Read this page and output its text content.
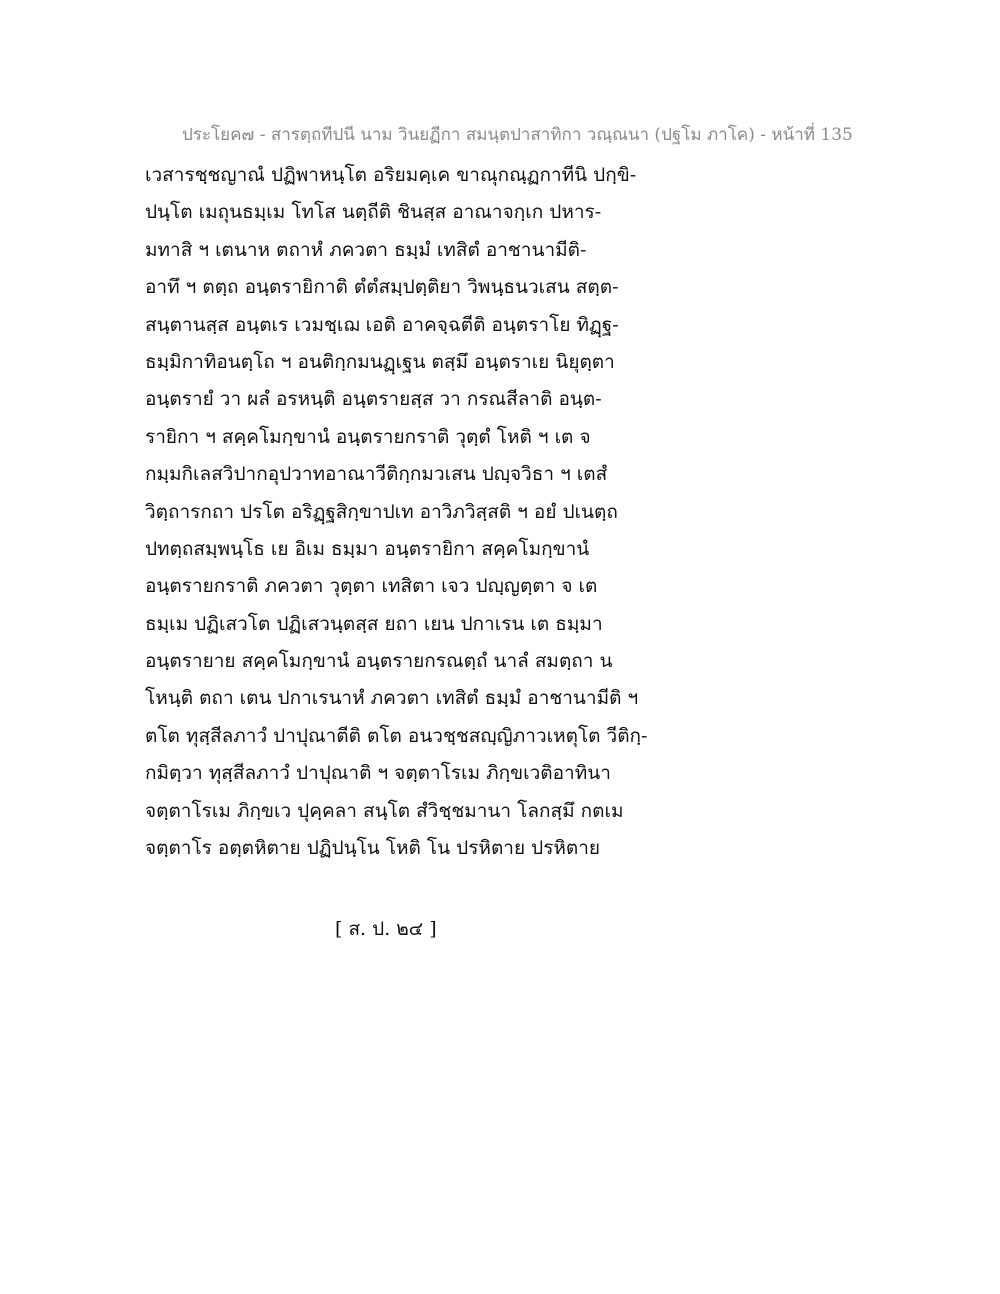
ประโยค๗ - สารตฺถทีปนี นาม วินยฏีกา สมนฺตปาสาทิกา วณฺณนา (ปฐโม ภาโค) - หน้าที่ 135
เวสารชฺชญาณํ ปฏิพาหนฺโต อริยมคฺเค ขาณุกณฺฏกาทีนิ ปกฺขิ-
ปนฺโต เมถุนธมฺเม โทโส นตฺถีติ ชินสฺส อาณาจกฺเก ปหาร-
มทาสิ ฯ เตนาห ตถาหํ ภควตา ธมฺมํ เทสิตํ อาชานามีติ-
อาทึ ฯ ตตฺถ อนฺตรายิกาติ ตํตํสมฺปตฺติยา วิพนฺธนวเสน สตฺต-
สนฺตานสฺส อนฺตเร เวมชฺเฌ เอติ อาคจฺฉตีติ อนฺตราโย ทิฏฺฐ-
ธมฺมิกาทิอนตฺโถ ฯ อนติกฺกมนฏฺเฐน ตสฺมึ อนฺตราเย นิยุตฺตา
อนฺตรายํ วา ผลํ อรหนฺติ อนฺตรายสฺส วา กรณสีลาติ อนฺต-
รายิกา ฯ สคฺคโมกฺขานํ อนฺตรายกราติ วุตฺตํ โหติ ฯ เต จ
กมฺมกิเลสวิปากอุปวาทอาณาวีติกฺกมวเสน ปญฺจวิธา ฯ เตสํ
วิตฺถารกถา ปรโต อริฏฺฐสิกฺขาปเท อาวิภวิสฺสติ ฯ อยํ ปเนตฺถ
ปทตฺถสมฺพนฺโธ เย อิเม ธมฺมา อนฺตรายิกา สคฺคโมกฺขานํ
อนฺตรายกราติ ภควตา วุตฺตา เทสิตา เจว ปญฺญตฺตา จ เต
ธมฺเม ปฏิเสวโต ปฏิเสวนฺตสฺส ยถา เยน ปกาเรน เต ธมฺมา
อนฺตรายาย สคฺคโมกฺขานํ อนฺตรายกรณตฺถํ นาลํ สมตฺถา น
โหนฺติ ตถา เตน ปกาเรนาหํ ภควตา เทสิตํ ธมฺมํ อาชานามีติ ฯ
ตโต ทุสฺสีลภาวํ ปาปุณาตีติ ตโต อนวชฺชสญฺญิภาวเหตุโต วีติกฺ-
กมิตฺวา ทุสฺสีลภาวํ ปาปุณาติ ฯ จตฺตาโรเม ภิกฺขเวติอาทินา
จตฺตาโรเม ภิกฺขเว ปุคฺคลา สนฺโต สํวิชฺชมานา โลกสฺมึ กตเม
จตฺตาโร อตฺตหิตาย ปฏิปนฺโน โหติ โน ปรหิตาย ปรหิตาย
[ ส. ป. ๒๔ ]
